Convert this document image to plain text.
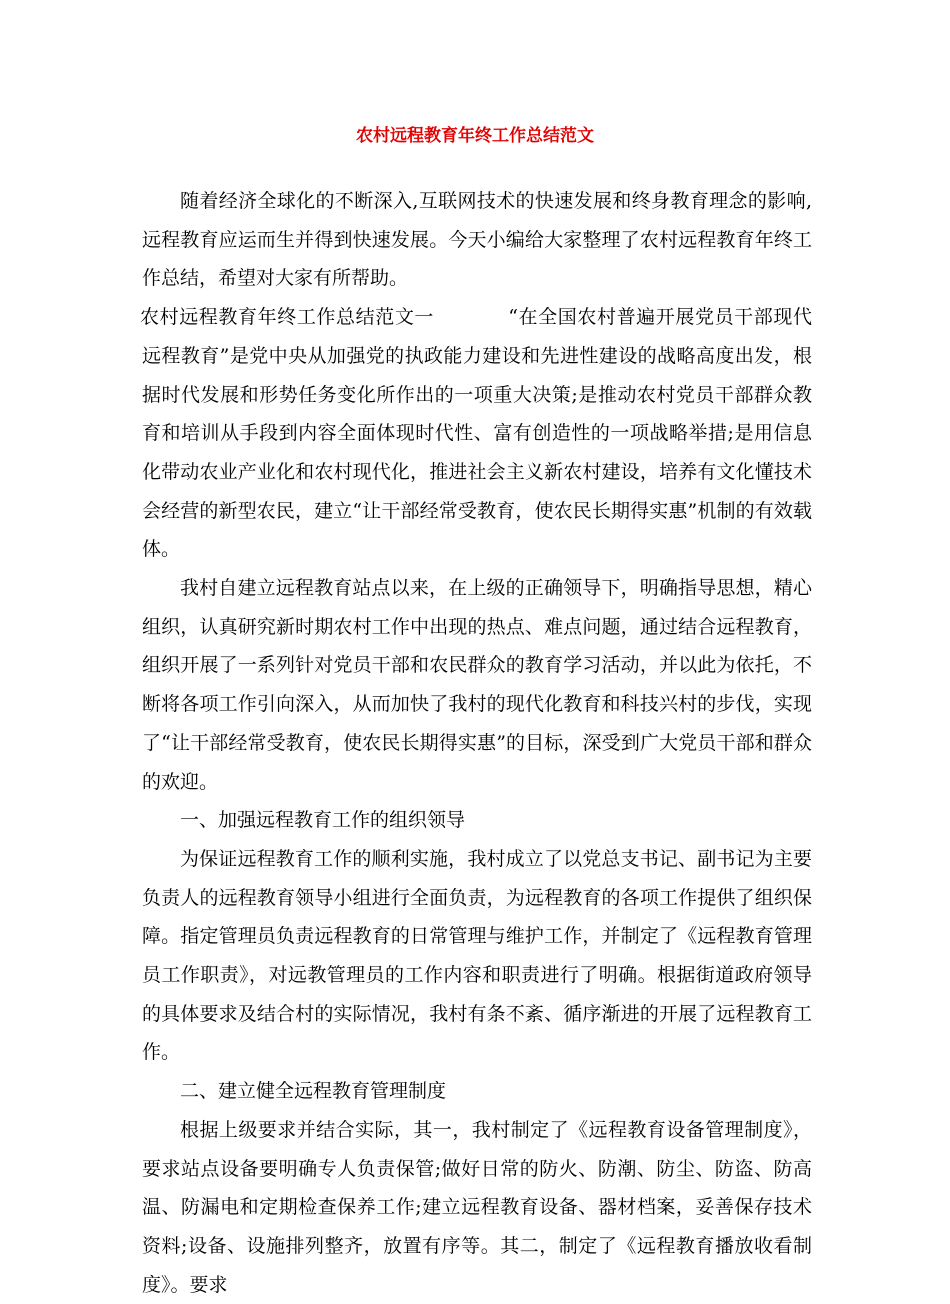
农村远程教育年终工作总结范文

随着经济全球化的不断深入,互联网技术的快速发展和终身教育理念的影响,远程教育应运而生并得到快速发展。今天小编给大家整理了农村远程教育年终工作总结，希望对大家有所帮助。

农村远程教育年终工作总结范文一	“在全国农村普遍开展党员干部现代远程教育”是党中央从加强党的执政能力建设和先进性建设的战略高度出发，根据时代发展和形势任务变化所作出的一项重大决策;是推动农村党员干部群众教育和培训从手段到内容全面体现时代性、富有创造性的一项战略举措;是用信息化带动农业产业化和农村现代化，推进社会主义新农村建设，培养有文化懂技术会经营的新型农民，建立“让干部经常受教育，使农民长期得实惠”机制的有效载体。

我村自建立远程教育站点以来，在上级的正确领导下，明确指导思想，精心组织，认真研究新时期农村工作中出现的热点、难点问题，通过结合远程教育，组织开展了一系列针对党员干部和农民群众的教育学习活动，并以此为依托，不断将各项工作引向深入，从而加快了我村的现代化教育和科技兴村的步伐，实现了“让干部经常受教育，使农民长期得实惠”的目标，深受到广大党员干部和群众的欢迎。

一、加强远程教育工作的组织领导

为保证远程教育工作的顺利实施，我村成立了以党总支书记、副书记为主要负责人的远程教育领导小组进行全面负责，为远程教育的各项工作提供了组织保障。指定管理员负责远程教育的日常管理与维护工作，并制定了《远程教育管理员工作职责》，对远教管理员的工作内容和职责进行了明确。根据街道政府领导的具体要求及结合村的实际情况，我村有条不紊、循序渐进的开展了远程教育工作。

二、建立健全远程教育管理制度

根据上级要求并结合实际，其一，我村制定了《远程教育设备管理制度》，要求站点设备要明确专人负责保管;做好日常的防火、防潮、防尘、防盗、防高温、防漏电和定期检查保养工作;建立远程教育设备、器材档案，妥善保存技术资料;设备、设施排列整齐，放置有序等。其二，制定了《远程教育播放收看制度》。要求
